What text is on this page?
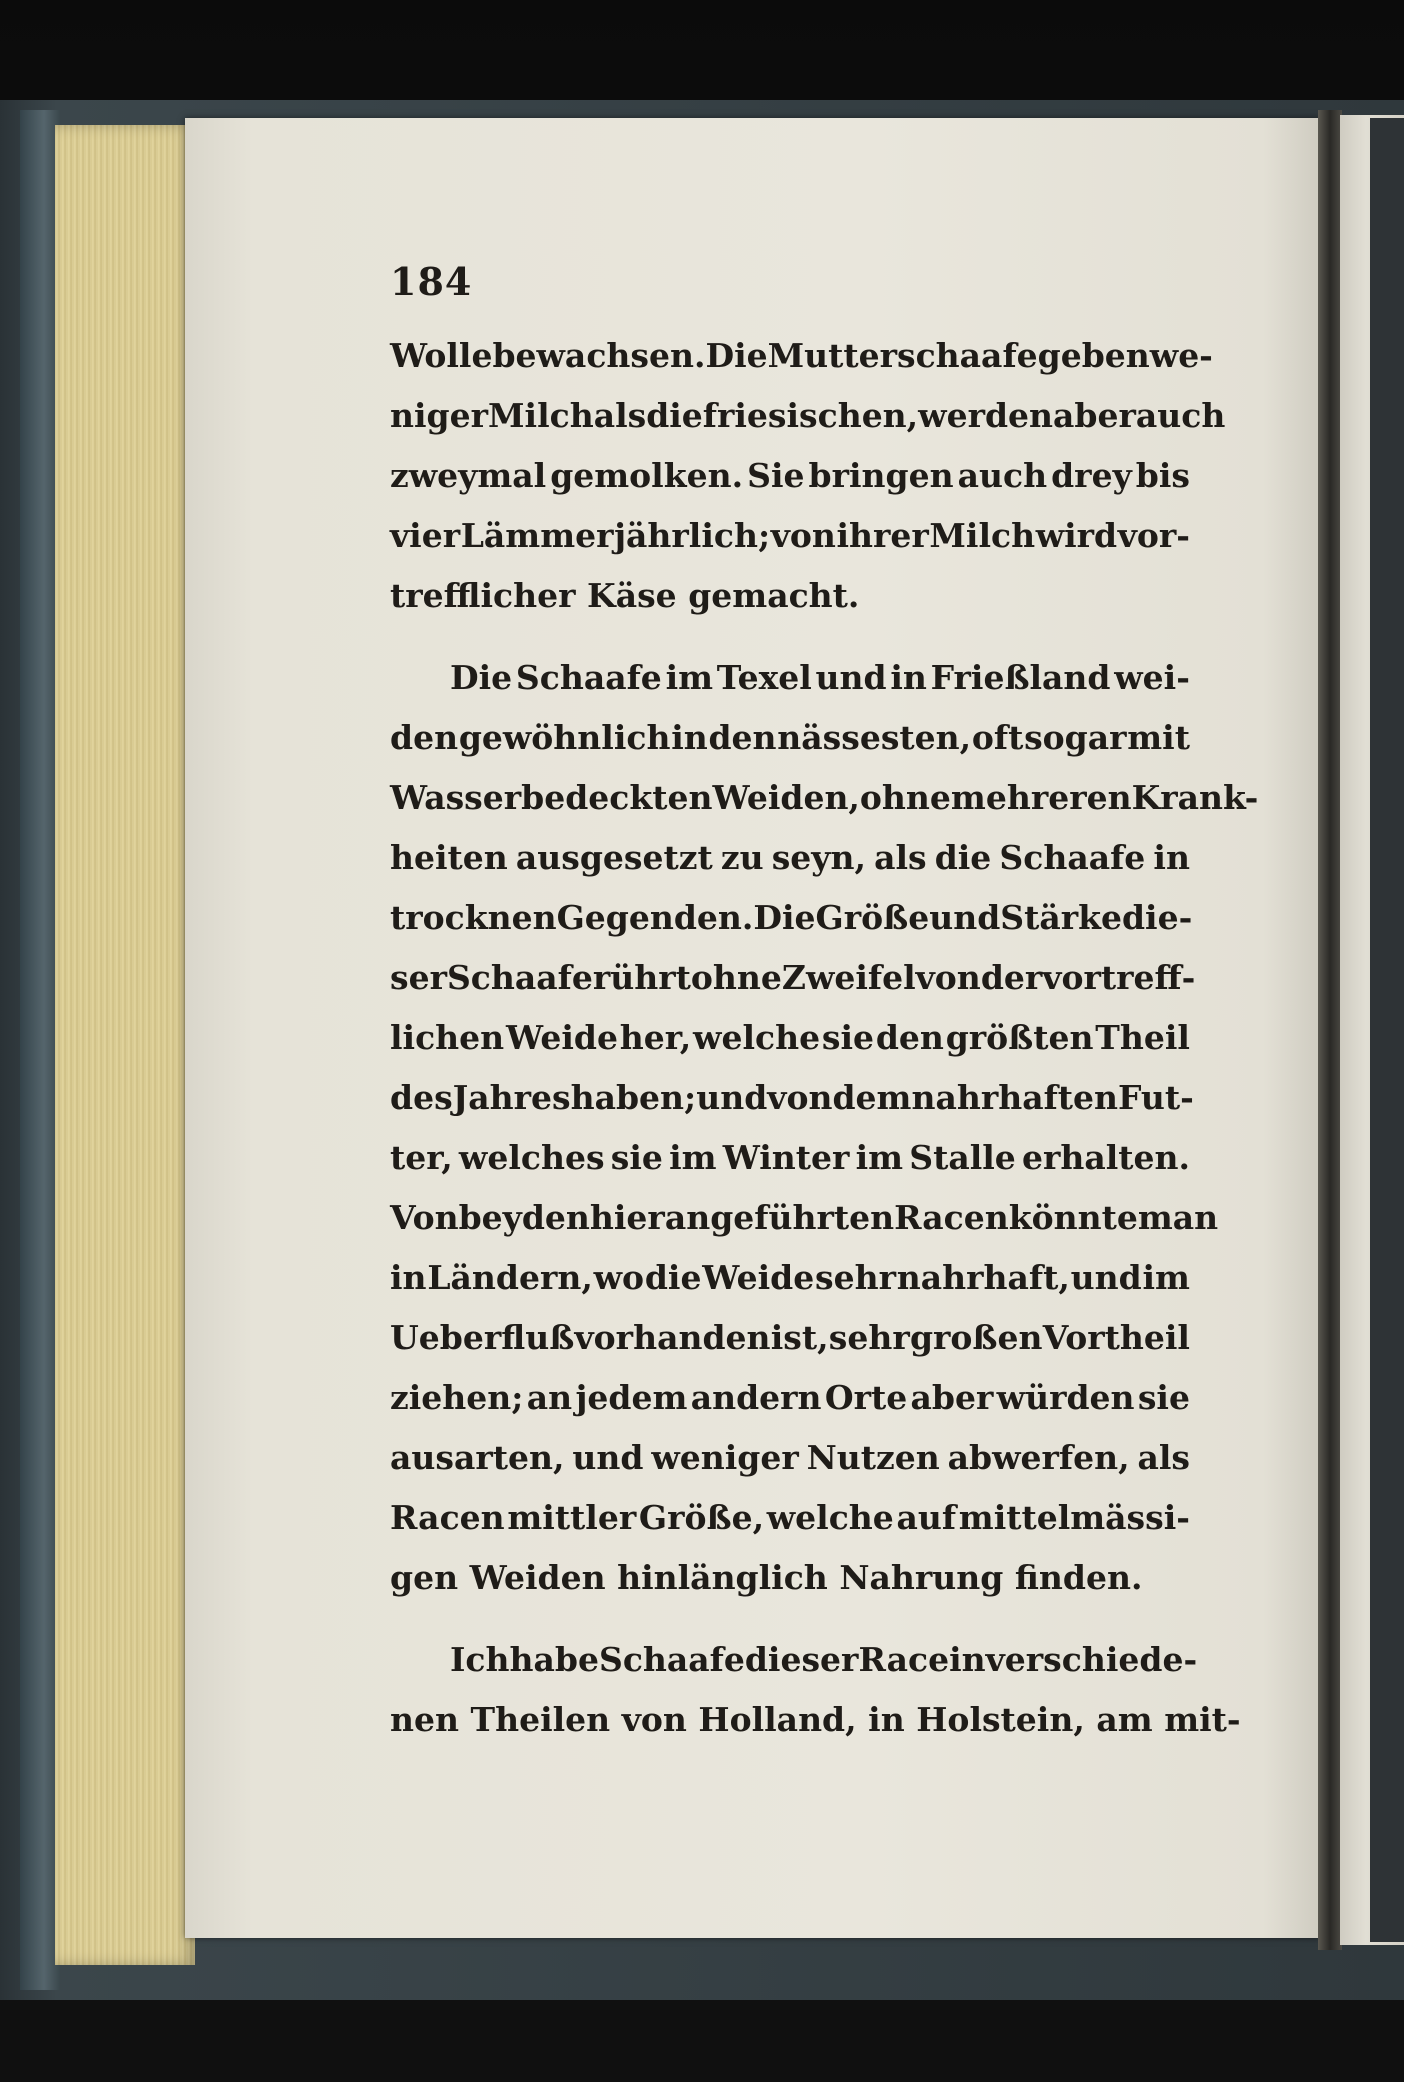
184
Wolle bewachsen. Die Mutterschaafe geben we-
niger Milch als die friesischen, werden aber auch
zweymal gemolken. Sie bringen auch drey bis
vier Lämmer jährlich; von ihrer Milch wird vor-
trefflicher Käse gemacht.
Die Schaafe im Texel und in Frießland wei-
den gewöhnlich in den nässesten, oft sogar mit
Wasser bedeckten Weiden, ohne mehreren Krank-
heiten ausgesetzt zu seyn, als die Schaafe in
trocknen Gegenden. Die Größe und Stärke die-
ser Schaafe rührt ohne Zweifel von der vortreff-
lichen Weide her, welche sie den größten Theil
des Jahres haben; und von dem nahrhaften Fut-
ter, welches sie im Winter im Stalle erhalten.
Von beyden hier angeführten Racen könnte man
in Ländern, wo die Weide sehr nahrhaft, und im
Ueberfluß vorhanden ist, sehr großen Vortheil
ziehen; an jedem andern Orte aber würden sie
ausarten, und weniger Nutzen abwerfen, als
Racen mittler Größe, welche auf mittelmässi-
gen Weiden hinlänglich Nahrung finden.
Ich habe Schaafe dieser Race in verschiede-
nen Theilen von Holland, in Holstein, am mit-
